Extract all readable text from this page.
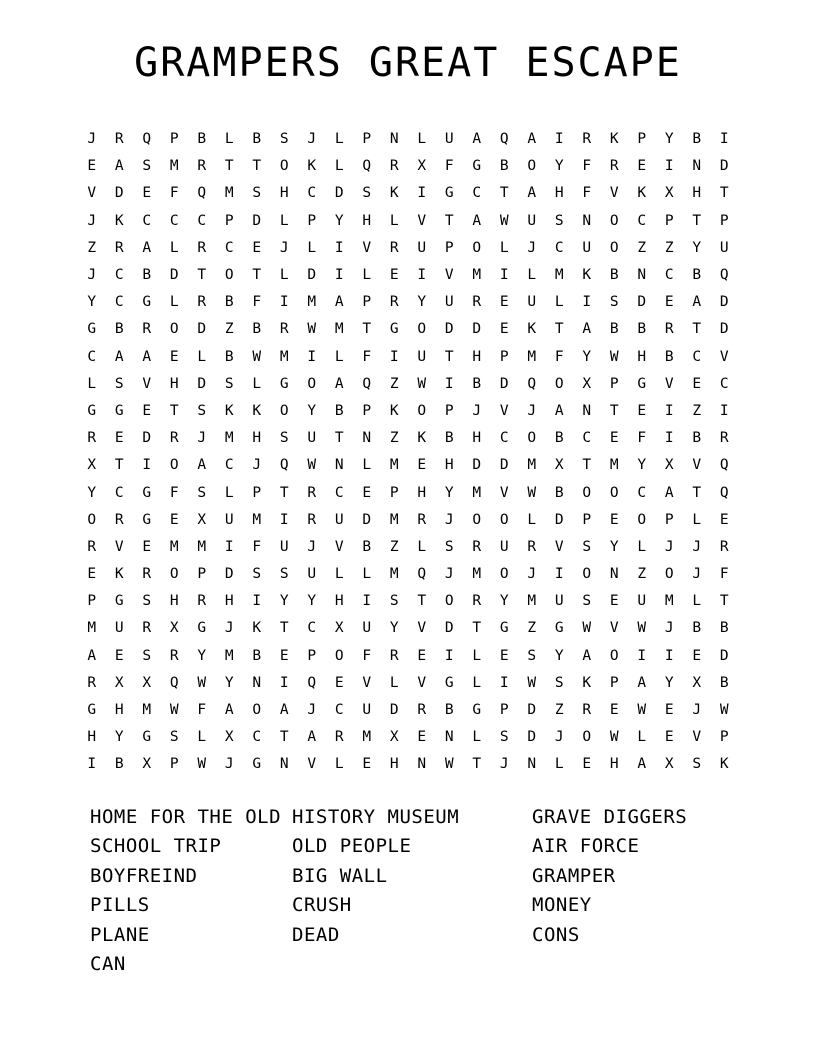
GRAMPERS GREAT ESCAPE
J	R	Q	P	B	L	B	S	J	L	P	N	L	U	A	Q	A	I	R	K	P	Y	B	I
E	A	S	M	R	T	T	O	K	L	Q	R	X	F	G	B	O	Y	F	R	E	I	N	D
V	D	E	F	Q	M	S	H	C	D	S	K	I	G	C	T	A	H	F	V	K	X	H	T
J	K	C	C	C	P	D	L	P	Y	H	L	V	T	A	W	U	S	N	O	C	P	T	P
Z	R	A	L	R	C	E	J	L	I	V	R	U	P	O	L	J	C	U	O	Z	Z	Y	U
J	C	B	D	T	O	T	L	D	I	L	E	I	V	M	I	L	M	K	B	N	C	B	Q
Y	C	G	L	R	B	F	I	M	A	P	R	Y	U	R	E	U	L	I	S	D	E	A	D
G	B	R	O	D	Z	B	R	W	M	T	G	O	D	D	E	K	T	A	B	B	R	T	D
C	A	A	E	L	B	W	M	I	L	F	I	U	T	H	P	M	F	Y	W	H	B	C	V
L	S	V	H	D	S	L	G	O	A	Q	Z	W	I	B	D	Q	O	X	P	G	V	E	C
G	G	E	T	S	K	K	O	Y	B	P	K	O	P	J	V	J	A	N	T	E	I	Z	I
R	E	D	R	J	M	H	S	U	T	N	Z	K	B	H	C	O	B	C	E	F	I	B	R
X	T	I	O	A	C	J	Q	W	N	L	M	E	H	D	D	M	X	T	M	Y	X	V	Q
Y	C	G	F	S	L	P	T	R	C	E	P	H	Y	M	V	W	B	O	O	C	A	T	Q
O	R	G	E	X	U	M	I	R	U	D	M	R	J	O	O	L	D	P	E	O	P	L	E
R	V	E	M	M	I	F	U	J	V	B	Z	L	S	R	U	R	V	S	Y	L	J	J	R
E	K	R	O	P	D	S	S	U	L	L	M	Q	J	M	O	J	I	O	N	Z	O	J	F
P	G	S	H	R	H	I	Y	Y	H	I	S	T	O	R	Y	M	U	S	E	U	M	L	T
M	U	R	X	G	J	K	T	C	X	U	Y	V	D	T	G	Z	G	W	V	W	J	B	B
A	E	S	R	Y	M	B	E	P	O	F	R	E	I	L	E	S	Y	A	O	I	I	E	D
R	X	X	Q	W	Y	N	I	Q	E	V	L	V	G	L	I	W	S	K	P	A	Y	X	B
G	H	M	W	F	A	O	A	J	C	U	D	R	B	G	P	D	Z	R	E	W	E	J	W
H	Y	G	S	L	X	C	T	A	R	M	X	E	N	L	S	D	J	O	W	L	E	V	P
I	B	X	P	W	J	G	N	V	L	E	H	N	W	T	J	N	L	E	H	A	X	S	K
HOME FOR THE OLD
SCHOOL TRIP
BOYFREIND
PILLS
PLANE
CAN
HISTORY MUSEUM
OLD PEOPLE
BIG WALL
CRUSH
DEAD
GRAVE DIGGERS
AIR FORCE
GRAMPER
MONEY
CONS
